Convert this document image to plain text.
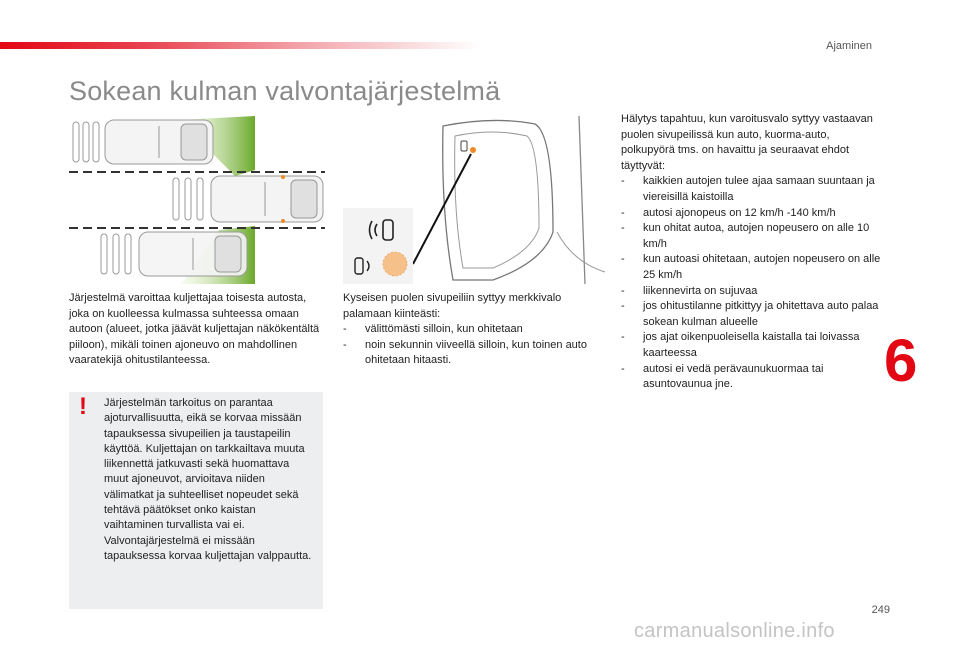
Ajaminen
Sokean kulman valvontajärjestelmä
Järjestelmä varoittaa kuljettajaa toisesta autosta, joka on kuolleessa kulmassa suhteessa omaan autoon (alueet, jotka jäävät kuljettajan näkökentältä piiloon), mikäli toinen ajoneuvo on mahdollinen vaaratekijä ohitustilanteessa.
! Järjestelmän tarkoitus on parantaa ajoturvallisuutta, eikä se korvaa missään tapauksessa sivupeilien ja taustapeilin käyttöä. Kuljettajan on tarkkailtava muuta liikennettä jatkuvasti sekä huomattava muut ajoneuvot, arvioitava niiden välimatkat ja suhteelliset nopeudet sekä tehtävä päätökset onko kaistan vaihtaminen turvallista vai ei.
Valvontajärjestelmä ei missään tapauksessa korvaa kuljettajan valppautta.
Kyseisen puolen sivupeiliin syttyy merkkivalo palamaan kiinteästi:
- välittömästi silloin, kun ohitetaan
- noin sekunnin viiveellä silloin, kun toinen auto ohitetaan hitaasti.
Hälytys tapahtuu, kun varoitusvalo syttyy vastaavan puolen sivupeilissä kun auto, kuorma-auto, polkupyörä tms. on havaittu ja seuraavat ehdot täyttyvät:
- kaikkien autojen tulee ajaa samaan suuntaan ja viereisillä kaistoilla
- autosi ajonopeus on 12 km/h -140 km/h
- kun ohitat autoa, autojen nopeusero on alle 10 km/h
- kun autoasi ohitetaan, autojen nopeusero on alle 25 km/h
- liikennevirta on sujuvaa
- jos ohitustilanne pitkittyy ja ohitettava auto palaa sokean kulman alueelle
- jos ajat oikenpuoleisella kaistalla tai loivassa kaarteessa
- autosi ei vedä perävaunukuormaa tai asuntovaunua jne.	6
249
carmanualsonline.info
